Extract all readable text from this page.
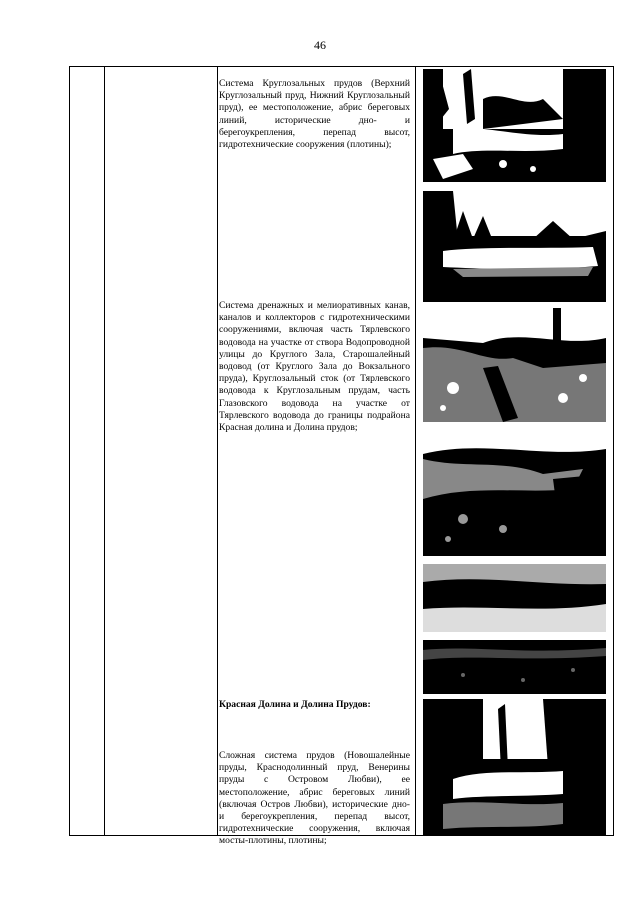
46
Система Круглозальных прудов (Верхний Круглозальный пруд, Нижний Круглозальный пруд), ее местоположение, абрис береговых линий, исторические дно- и берегоукрепления, перепад высот, гидротехнические сооружения (плотины);
Система дренажных и мелиоративных канав, каналов и коллекторов с гидротехническими сооружениями, включая часть Тярлевского водовода на участке от створа Водопроводной улицы до Круглого Зала, Старошалейный водовод (от Круглого Зала до Вокзального пруда), Круглозальный сток (от Тярлевского водовода к Круглозальным прудам, часть Глазовского водовода на участке от Тярлевского водовода до границы подрайона Красная долина и Долина прудов;
Красная Долина и Долина Прудов:
Сложная система прудов (Новошалейные пруды, Краснодолинный пруд, Венерины пруды с Островом Любви), ее местоположение, абрис береговых линий (включая Остров Любви), исторические дно- и берегоукрепления, перепад высот, гидротехнические сооружения, включая мосты-плотины, плотины;
